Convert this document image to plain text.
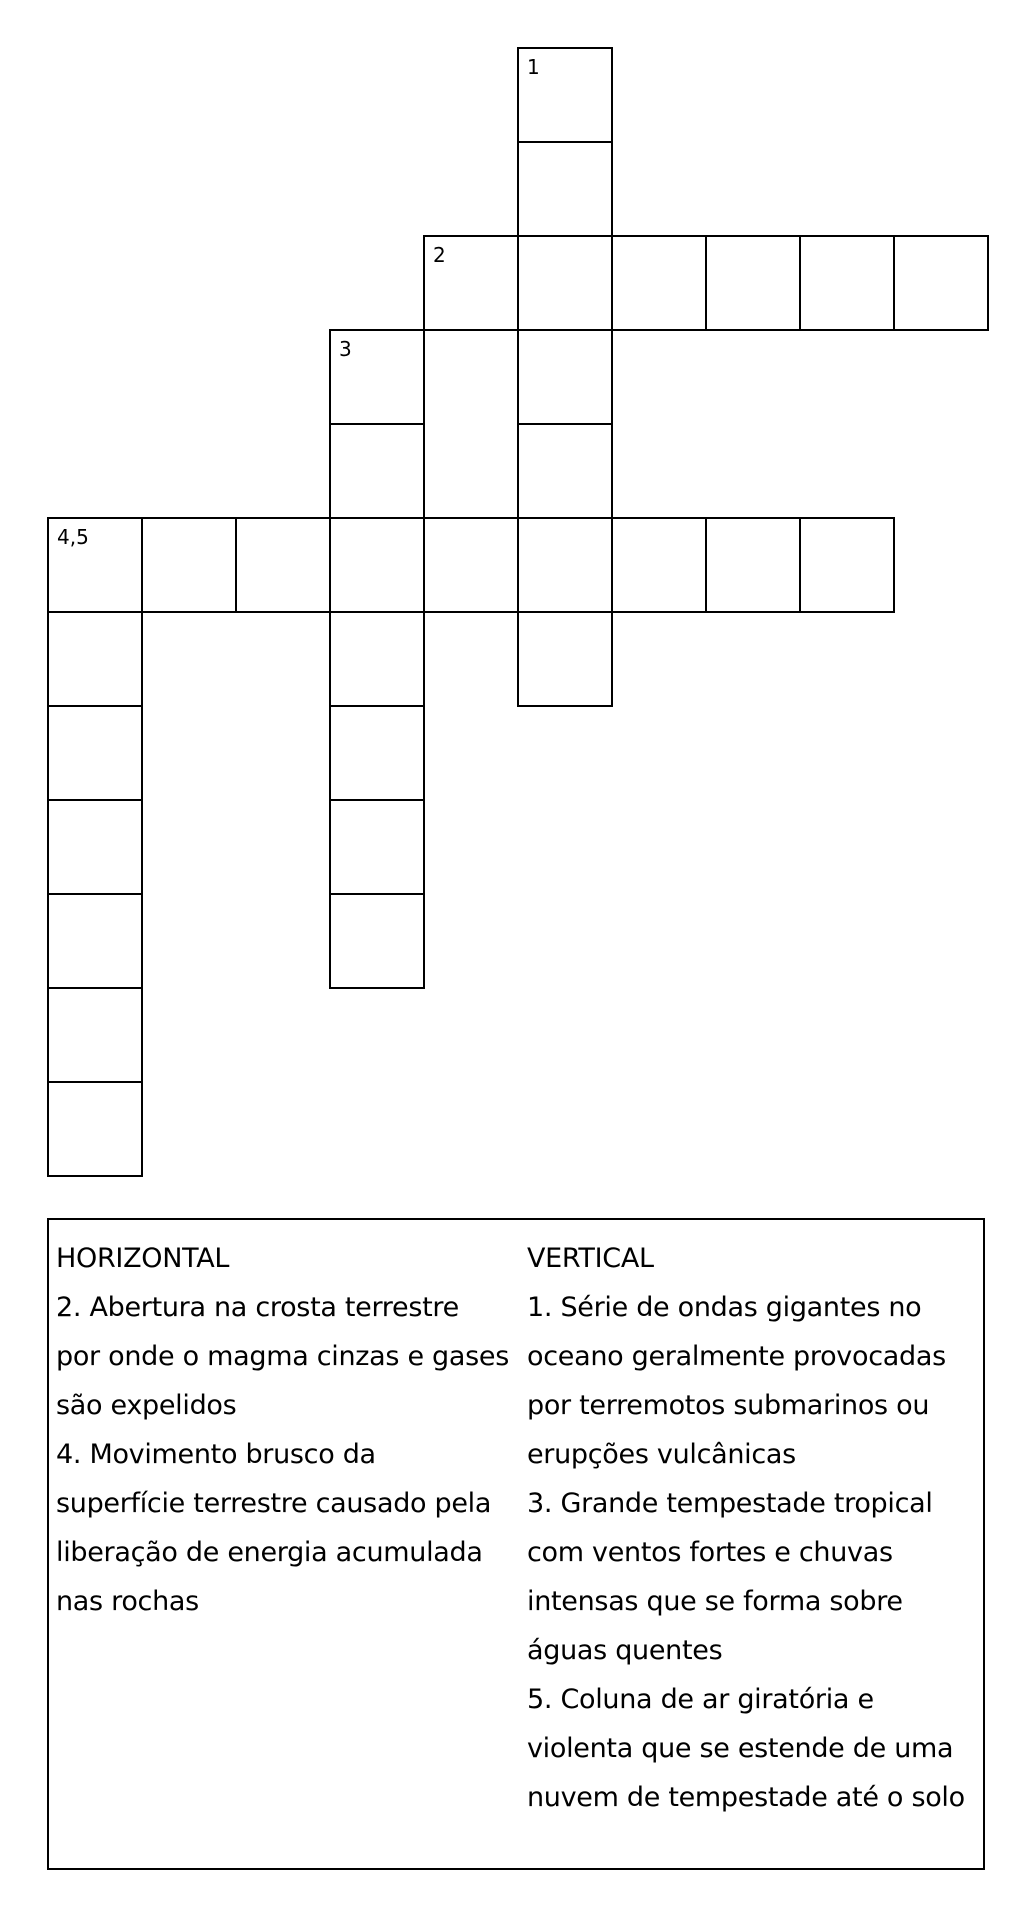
1
2
3
4,5
HORIZONTAL
2. Abertura na crosta terrestre
por onde o magma cinzas e gases
são expelidos
4. Movimento brusco da
superfície terrestre causado pela
liberação de energia acumulada
nas rochas
VERTICAL
1. Série de ondas gigantes no
oceano geralmente provocadas
por terremotos submarinos ou
erupções vulcânicas
3. Grande tempestade tropical
com ventos fortes e chuvas
intensas que se forma sobre
águas quentes
5. Coluna de ar giratória e
violenta que se estende de uma
nuvem de tempestade até o solo
